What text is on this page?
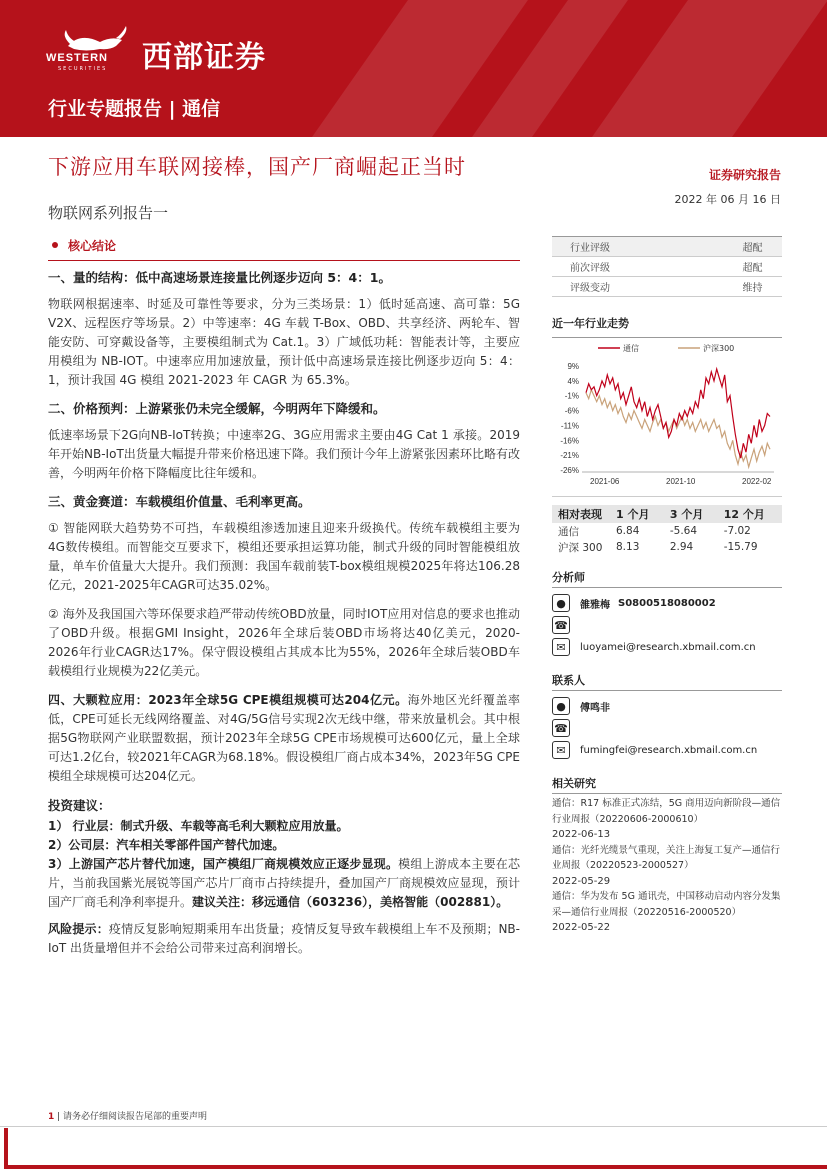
WESTERN
SECURITIES 西部证券
行业专题报告 | 通信
下游应用车联网接棒，国产厂商崛起正当时
物联网系列报告一
证券研究报告
2022 年 06 月 16 日
核心结论
一、量的结构：低中高速场景连接量比例逐步迈向 5：4：1。
物联网根据速率、时延及可靠性等要求，分为三类场景：1）低时延高速、高可靠：5G V2X、远程医疗等场景。2）中等速率：4G 车载 T-Box、OBD、共享经济、两轮车、智能安防、可穿戴设备等，主要模组制式为 Cat.1。3）广域低功耗：智能表计等，主要应用模组为 NB-IOT。中速率应用加速放量，预计低中高速场景连接比例逐步迈向 5：4：1，预计我国 4G 模组 2021-2023 年 CAGR 为 65.3%。
二、价格预判：上游紧张仍未完全缓解，今明两年下降缓和。
低速率场景下2G向NB-IoT转换；中速率2G、3G应用需求主要由4G Cat 1 承接。2019年开始NB-IoT出货量大幅提升带来价格迅速下降。我们预计今年上游紧张因素环比略有改善，今明两年价格下降幅度比往年缓和。
三、黄金赛道：车载模组价值量、毛利率更高。
① 智能网联大趋势势不可挡，车载模组渗透加速且迎来升级换代。传统车载模组主要为4G数传模组。而智能交互要求下，模组还要承担运算功能，制式升级的同时智能模组放量，单车价值量大大提升。我们预测：我国车载前装T-box模组规模2025年将达106.28亿元，2021-2025年CAGR可达35.02%。
② 海外及我国国六等环保要求趋严带动传统OBD放量，同时IOT应用对信息的要求也推动了OBD升级。根据GMI Insight，2026年全球后装OBD市场将达40亿美元，2020-2026年行业CAGR达17%。保守假设模组占其成本比为55%，2026年全球后装OBD车载模组行业规模为22亿美元。
四、大颗粒应用：2023年全球5G CPE模组规模可达204亿元。海外地区光纤覆盖率低，CPE可延长无线网络覆盖、对4G/5G信号实现2次无线中继，带来放量机会。其中根据5G物联网产业联盟数据，预计2023年全球5G CPE市场规模可达600亿元，量上全球可达1.2亿台，较2021年CAGR为68.18%。假设模组厂商占成本34%，2023年5G CPE模组全球规模可达204亿元。
投资建议：
1） 行业层：制式升级、车载等高毛利大颗粒应用放量。
2）公司层：汽车相关零部件国产替代加速。
3）上游国产芯片替代加速，国产模组厂商规模效应正逐步显现。模组上游成本主要在芯片，当前我国紫光展锐等国产芯片厂商市占持续提升，叠加国产厂商规模效应显现，预计国产厂商毛利净利率提升。建议关注：移远通信（603236），美格智能（002881）。
风险提示：疫情反复影响短期乘用车出货量；疫情反复导致车载模组上车不及预期；NB-IoT 出货量增但并不会给公司带来过高利润增长。
行业评级	超配
前次评级	超配
评级变动	维持
近一年行业走势
9%
4%
-1%
-6%
-11%
-16%
-21%
-26%
2021-06	2021-10	2022-02
通信	沪深300
相对表现	1 个月	3 个月	12 个月
通信	6.84	-5.64	-7.02
沪深 300	8.13	2.94	-15.79
分析师
●	雒雅梅 S0800518080002
☎
✉	luoyamei@research.xbmail.com.cn
联系人
●	傅鸣非
☎
✉	fumingfei@research.xbmail.com.cn
相关研究
通信：R17 标准正式冻结，5G 商用迈向新阶段—通信行业周报（20220606-2000610）
2022-06-13
通信：光纤光缆景气重现，关注上海复工复产—通信行业周报（20220523-2000527）
2022-05-29
通信：华为发布 5G 通讯壳，中国移动启动内容分发集采—通信行业周报（20220516-2000520）
2022-05-22
1 | 请务必仔细阅读报告尾部的重要声明
